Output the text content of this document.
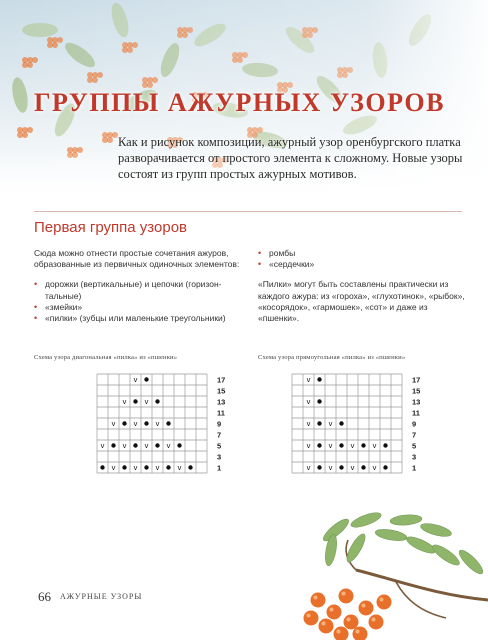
ГРУППЫ АЖУРНЫХ УЗОРОВ

Как и рисунок композиции, ажурный узор оренбургского платка разворачивается от простого элемента к сложному. Новые узоры состоят из групп простых ажурных мотивов.

Первая группа узоров

Сюда можно отнести простые сочетания ажуров, образованные из первичных одиночных элементов:

• дорожки (вертикальные) и цепочки (горизонтальные)
• «змейки»
• «пилки» (зубцы или маленькие треугольники)
• ромбы
• «сердечки»

«Пилки» могут быть составлены практически из каждого ажура: из «гороха», «глухотинок», «рыбок», «косорядок», «гармошек», «сот» и даже из «пшенки».

Схема узора диагональная «пилка» из «пшенки»	Схема узора прямоугольная «пилка» из «пшенки»

v
v v
v v v
v v v v
v v v v
17
15
13
11
9
7
5
3
1
v
v
v v
v v v v
v v v v
17
15
13
11
9
7
5
3
1
66 АЖУРНЫЕ УЗОРЫ
